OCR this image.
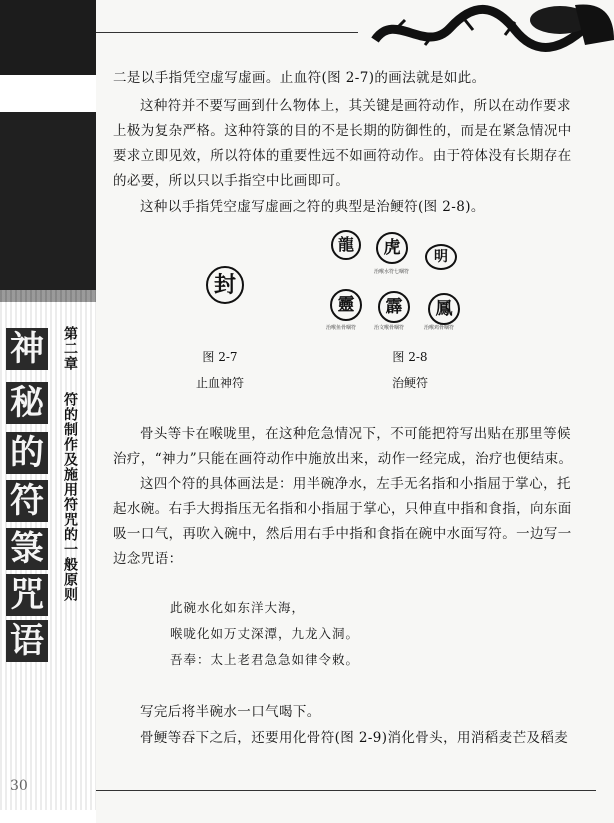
神
秘
的
符
箓
咒
语
第二章
符的制作及施用符咒的一般原则
30
二是以手指凭空虚写虚画。止血符(图 2-7)的画法就是如此。
这种符并不要写画到什么物体上，其关键是画符动作，所以在动作要求上极为复杂严格。这种符箓的目的不是长期的防御性的，而是在紧急情况中要求立即见效，所以符体的重要性远不如画符动作。由于符体没有长期存在的必要，所以只以手指空中比画即可。
这种以手指凭空虚写虚画之符的典型是治鲠符(图 2-8)。
封
图 2-7
止血神符
龍	虎	明
治喉水符七咽符
靈	霹	鳳
治喉鱼骨咽符	治文喉骨咽符	治喉鸡骨咽符
图 2-8
治鲠符
骨头等卡在喉咙里，在这种危急情况下，不可能把符写出贴在那里等候治疗，“神力”只能在画符动作中施放出来，动作一经完成，治疗也便结束。
这四个符的具体画法是：用半碗净水，左手无名指和小指屈于掌心，托起水碗。右手大拇指压无名指和小指屈于掌心，只伸直中指和食指，向东面吸一口气，再吹入碗中，然后用右手中指和食指在碗中水面写符。一边写一边念咒语：
此碗水化如东洋大海，
喉咙化如万丈深潭，九龙入洞。
吾奉：太上老君急急如律令敕。
写完后将半碗水一口气喝下。
骨鲠等吞下之后，还要用化骨符(图 2-9)消化骨头，用消稻麦芒及稻麦
